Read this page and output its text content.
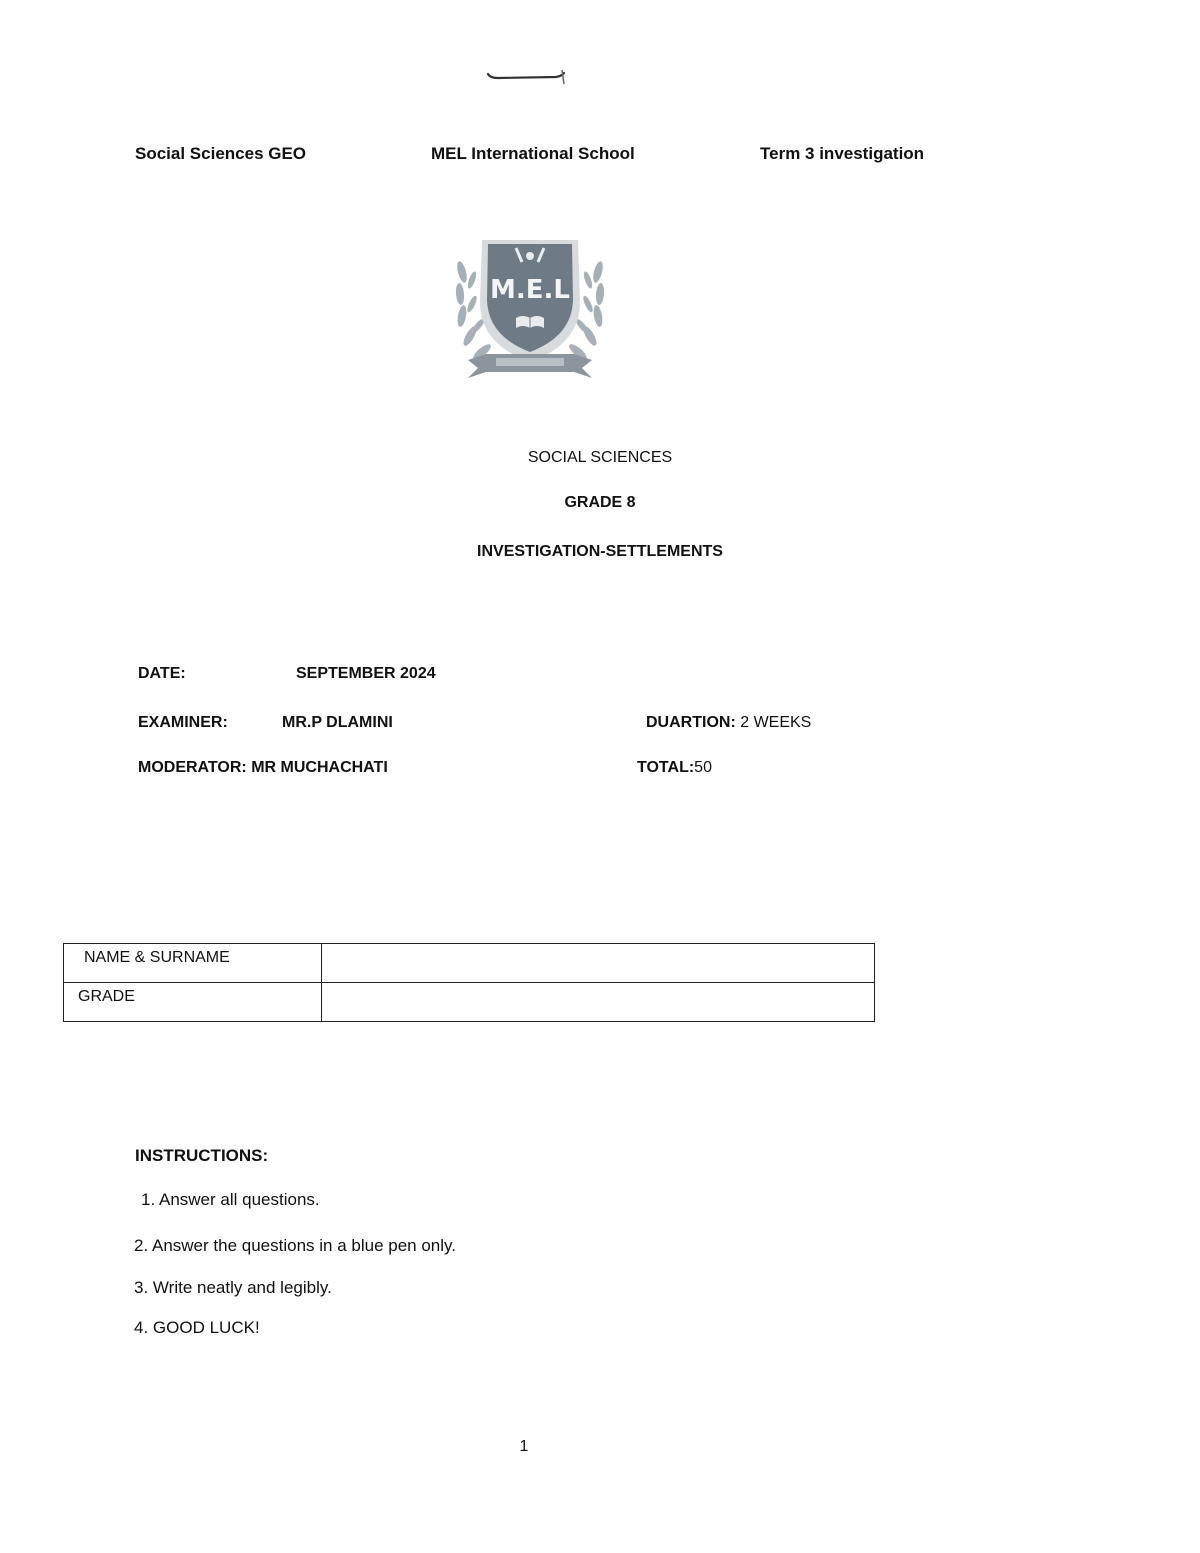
Social Sciences GEO	MEL International School	Term 3 investigation
M.E.L
SOCIAL SCIENCES
GRADE 8
INVESTIGATION-SETTLEMENTS
DATE:	SEPTEMBER 2024
EXAMINER:	MR.P DLAMINI	DUARTION: 2 WEEKS
MODERATOR: MR MUCHACHATI	TOTAL:50
NAME & SURNAME	
GRADE	
INSTRUCTIONS:
1. Answer all questions.
2. Answer the questions in a blue pen only.
3. Write neatly and legibly.
4. GOOD LUCK!
1
